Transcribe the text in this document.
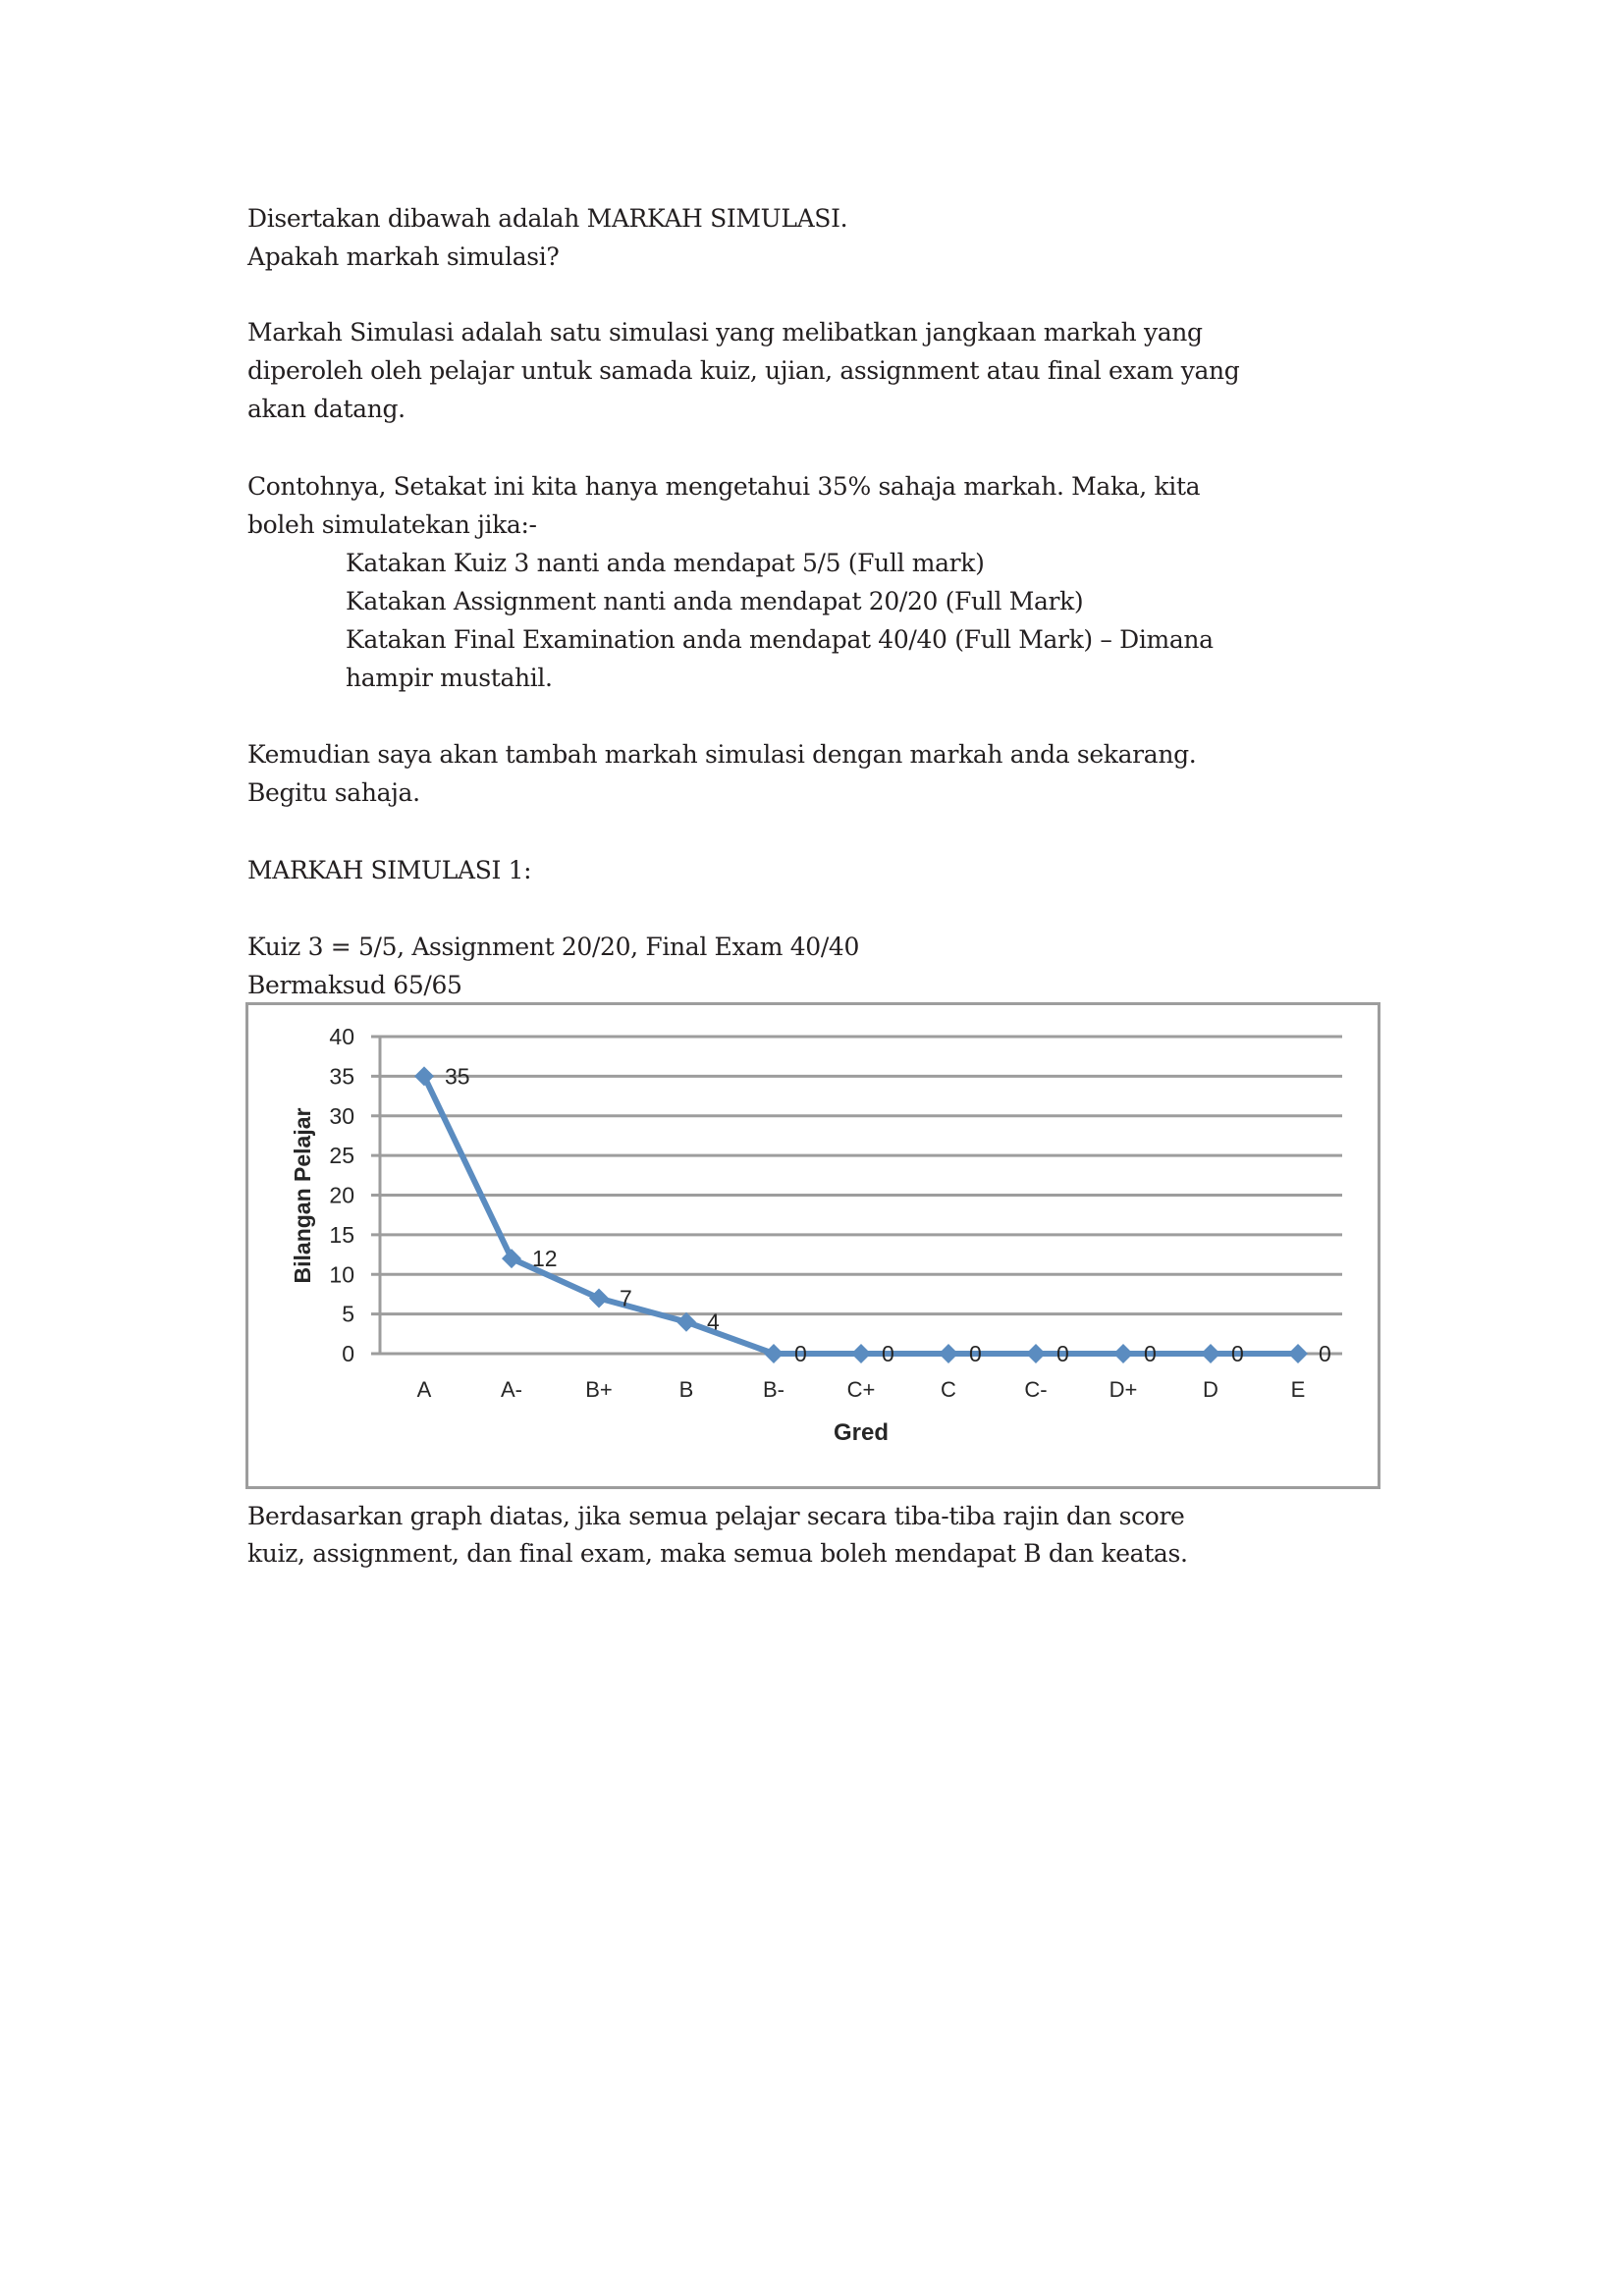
Disertakan dibawah adalah MARKAH SIMULASI.
Apakah markah simulasi?
Markah Simulasi adalah satu simulasi yang melibatkan jangkaan markah yang
diperoleh oleh pelajar untuk samada kuiz, ujian, assignment atau final exam yang
akan datang.
Contohnya, Setakat ini kita hanya mengetahui 35% sahaja markah. Maka, kita
boleh simulatekan jika:-
Katakan Kuiz 3 nanti anda mendapat 5/5 (Full mark)
Katakan Assignment nanti anda mendapat 20/20 (Full Mark)
Katakan Final Examination anda mendapat 40/40 (Full Mark) – Dimana
hampir mustahil.
Kemudian saya akan tambah markah simulasi dengan markah anda sekarang.
Begitu sahaja.
MARKAH SIMULASI 1:
Kuiz 3 = 5/5, Assignment 20/20, Final Exam 40/40
Bermaksud 65/65
0
5
10
15
20
25
30
35
40
A	A-	B+	B	B-	C+	C	C-	D+	D	E
35
12
7
4
0	0	0	0	0	0	0
Gred
Bilangan Pelajar
Berdasarkan graph diatas, jika semua pelajar secara tiba-tiba rajin dan score
kuiz, assignment, dan final exam, maka semua boleh mendapat B dan keatas.
